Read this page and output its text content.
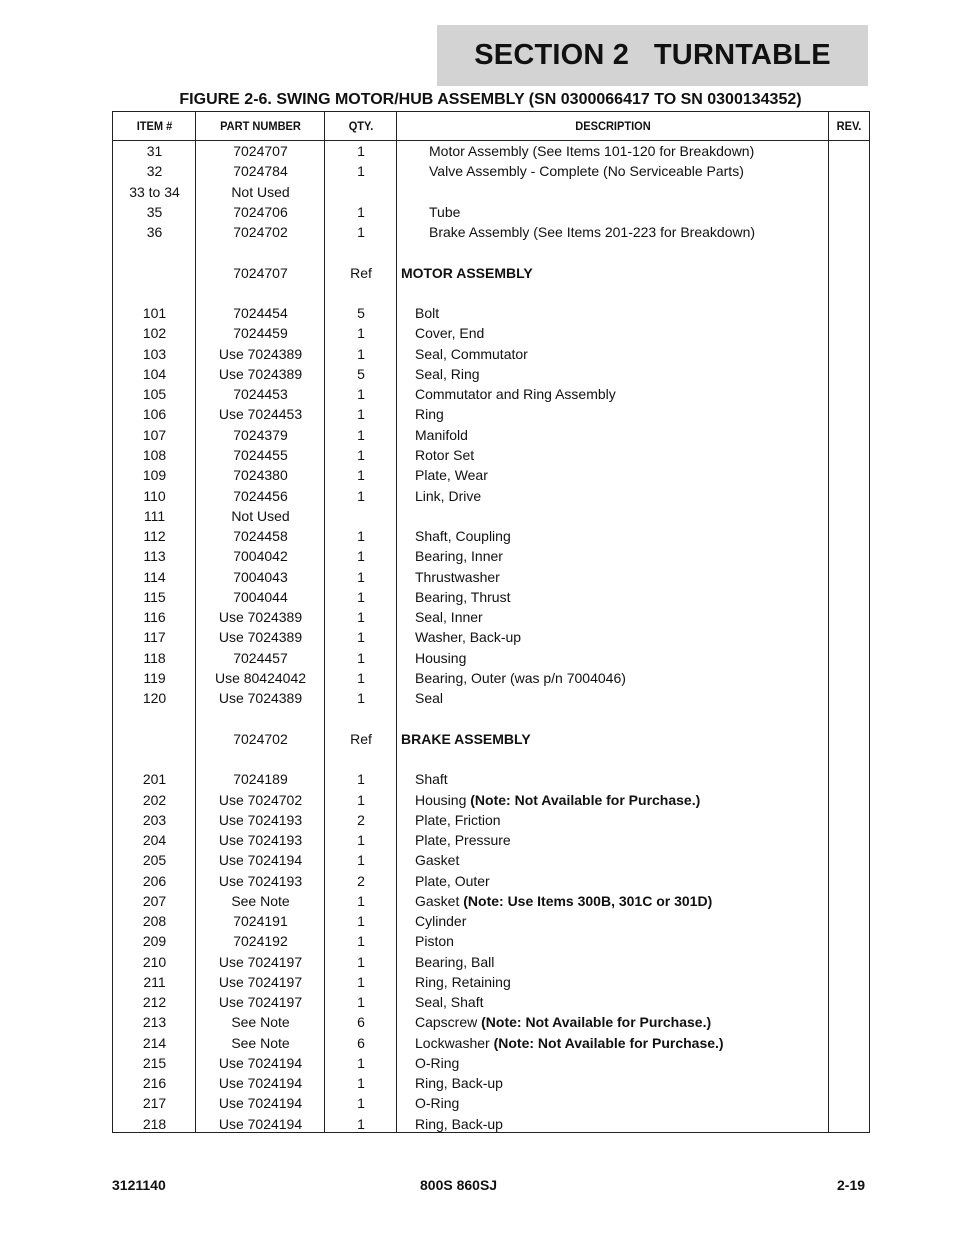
SECTION 2   TURNTABLE
FIGURE 2-6. SWING MOTOR/HUB ASSEMBLY (SN 0300066417 TO SN 0300134352)
ITEM #	PART NUMBER	QTY.	DESCRIPTION	REV.
31	7024707	1	Motor Assembly (See Items 101-120 for Breakdown)
32	7024784	1	Valve Assembly - Complete (No Serviceable Parts)
33 to 34	Not Used
35	7024706	1	Tube
36	7024702	1	Brake Assembly (See Items 201-223 for Breakdown)
7024707	Ref	MOTOR ASSEMBLY
101	7024454	5	Bolt
102	7024459	1	Cover, End
103	Use 7024389	1	Seal, Commutator
104	Use 7024389	5	Seal, Ring
105	7024453	1	Commutator and Ring Assembly
106	Use 7024453	1	Ring
107	7024379	1	Manifold
108	7024455	1	Rotor Set
109	7024380	1	Plate, Wear
110	7024456	1	Link, Drive
111	Not Used
112	7024458	1	Shaft, Coupling
113	7004042	1	Bearing, Inner
114	7004043	1	Thrustwasher
115	7004044	1	Bearing, Thrust
116	Use 7024389	1	Seal, Inner
117	Use 7024389	1	Washer, Back-up
118	7024457	1	Housing
119	Use 80424042	1	Bearing, Outer (was p/n 7004046)
120	Use 7024389	1	Seal
7024702	Ref	BRAKE ASSEMBLY
201	7024189	1	Shaft
202	Use 7024702	1	Housing (Note: Not Available for Purchase.)
203	Use 7024193	2	Plate, Friction
204	Use 7024193	1	Plate, Pressure
205	Use 7024194	1	Gasket
206	Use 7024193	2	Plate, Outer
207	See Note	1	Gasket (Note: Use Items 300B, 301C or 301D)
208	7024191	1	Cylinder
209	7024192	1	Piston
210	Use 7024197	1	Bearing, Ball
211	Use 7024197	1	Ring, Retaining
212	Use 7024197	1	Seal, Shaft
213	See Note	6	Capscrew (Note: Not Available for Purchase.)
214	See Note	6	Lockwasher (Note: Not Available for Purchase.)
215	Use 7024194	1	O-Ring
216	Use 7024194	1	Ring, Back-up
217	Use 7024194	1	O-Ring
218	Use 7024194	1	Ring, Back-up
3121140	800S 860SJ	2-19
